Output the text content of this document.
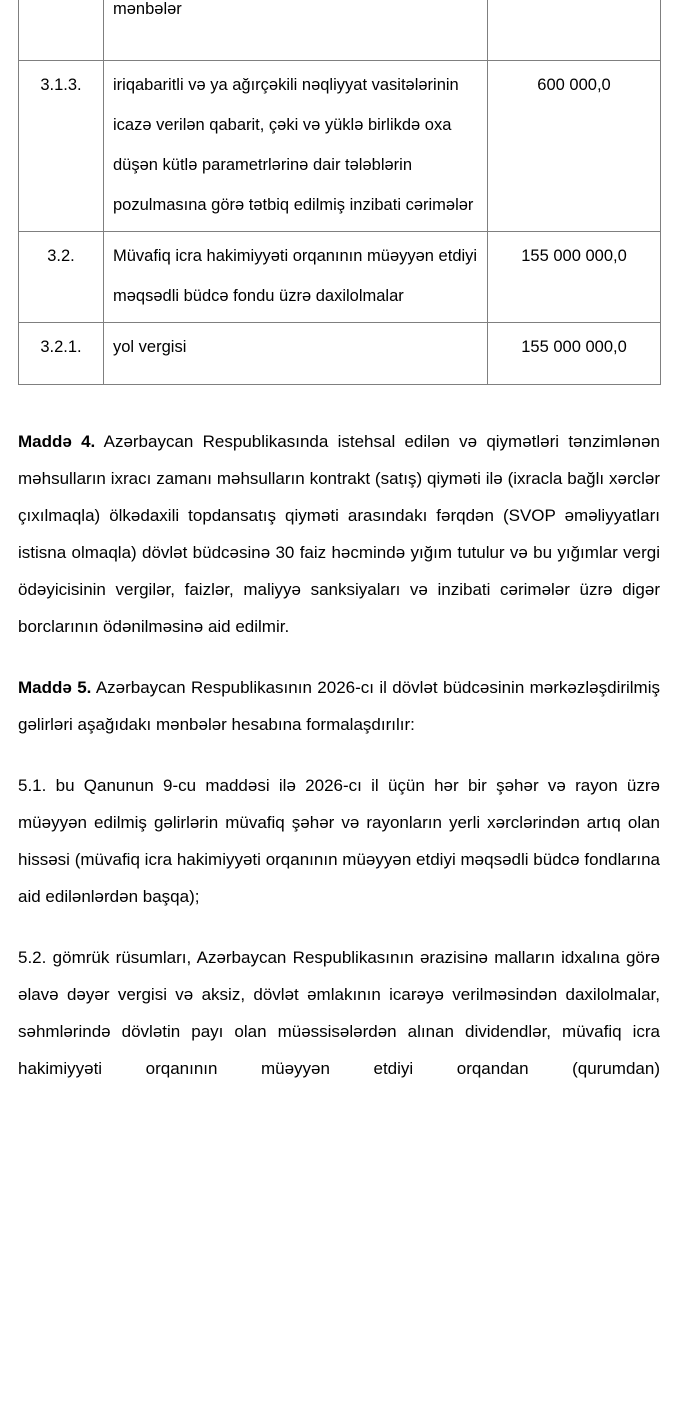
	mənbələr	
3.1.3.	iriqabaritli və ya ağırçəkili nəqliyyat vasitələrinin icazə verilən qabarit, çəki və yüklə birlikdə oxa düşən kütlə parametrlərinə dair tələblərin pozulmasına görə tətbiq edilmiş inzibati cərimələr	600 000,0
3.2.	Müvafiq icra hakimiyyəti orqanının müəyyən etdiyi məqsədli büdcə fondu üzrə daxilolmalar	155 000 000,0
3.2.1.	yol vergisi	155 000 000,0

Maddə 4. Azərbaycan Respublikasında istehsal edilən və qiymətləri tənzimlənən məhsulların ixracı zamanı məhsulların kontrakt (satış) qiyməti ilə (ixracla bağlı xərclər çıxılmaqla) ölkədaxili topdansatış qiyməti arasındakı fərqdən (SVOP əməliyyatları istisna olmaqla) dövlət büdcəsinə 30 faiz həcmində yığım tutulur və bu yığımlar vergi ödəyicisinin vergilər, faizlər, maliyyə sanksiyaları və inzibati cərimələr üzrə digər borclarının ödənilməsinə aid edilmir.

Maddə 5. Azərbaycan Respublikasının 2026-cı il dövlət büdcəsinin mərkəzləşdirilmiş gəlirləri aşağıdakı mənbələr hesabına formalaşdırılır:

5.1. bu Qanunun 9-cu maddəsi ilə 2026-cı il üçün hər bir şəhər və rayon üzrə müəyyən edilmiş gəlirlərin müvafiq şəhər və rayonların yerli xərclərindən artıq olan hissəsi (müvafiq icra hakimiyyəti orqanının müəyyən etdiyi məqsədli büdcə fondlarına aid edilənlərdən başqa);

5.2. gömrük rüsumları, Azərbaycan Respublikasının ərazisinə malların idxalına görə əlavə dəyər vergisi və aksiz, dövlət əmlakının icarəyə verilməsindən daxilolmalar, səhmlərində dövlətin payı olan müəssisələrdən alınan dividendlər, müvafiq icra hakimiyyəti orqanının müəyyən etdiyi orqandan (qurumdan)
